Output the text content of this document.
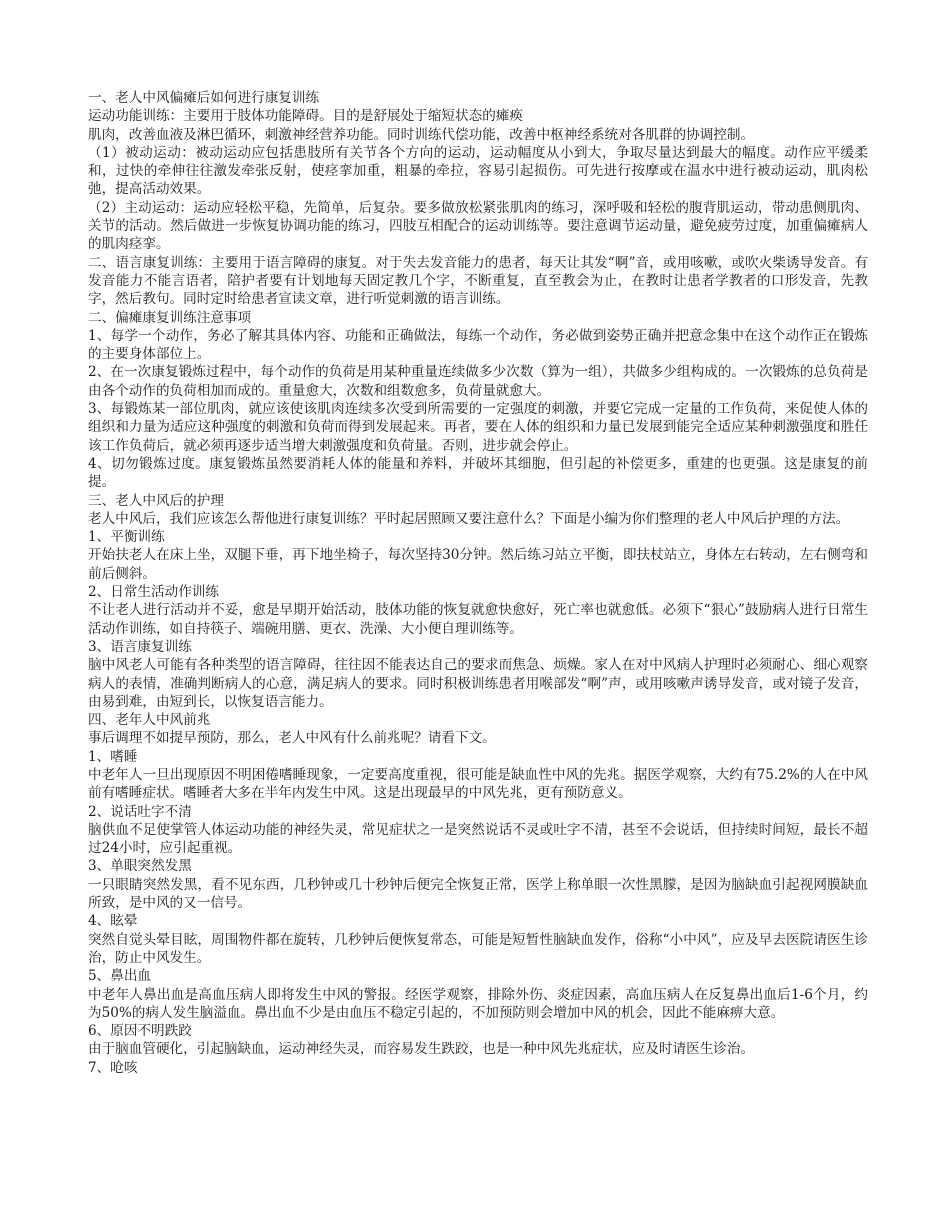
一、老人中风偏瘫后如何进行康复训练

运动功能训练：主要用于肢体功能障碍。目的是舒展处于缩短状态的瘫痪

肌肉，改善血液及淋巴循环，刺激神经营养功能。同时训练代偿功能，改善中枢神经系统对各肌群的协调控制。

（1）被动运动：被动运动应包括患肢所有关节各个方向的运动，运动幅度从小到大，争取尽量达到最大的幅度。动作应平缓柔和，过快的牵伸往往激发牵张反射，使痉挛加重，粗暴的牵拉，容易引起损伤。可先进行按摩或在温水中进行被动运动，肌肉松弛，提高活动效果。

（2）主动运动：运动应轻松平稳，先简单，后复杂。要多做放松紧张肌肉的练习，深呼吸和轻松的腹背肌运动，带动患侧肌肉、关节的活动。然后做进一步恢复协调功能的练习，四肢互相配合的运动训练等。要注意调节运动量，避免疲劳过度，加重偏瘫病人的肌肉痉挛。

二、语言康复训练：主要用于语言障碍的康复。对于失去发音能力的患者，每天让其发“啊”音，或用咳嗽，或吹火柴诱导发音。有发音能力不能言语者，陪护者要有计划地每天固定教几个字，不断重复，直至教会为止，在教时让患者学教者的口形发音，先教字，然后教句。同时定时给患者宣读文章，进行听觉刺激的语言训练。

二、偏瘫康复训练注意事项

1、每学一个动作，务必了解其具体内容、功能和正确做法，每练一个动作，务必做到姿势正确并把意念集中在这个动作正在锻炼的主要身体部位上。

2、在一次康复锻炼过程中，每个动作的负荷是用某种重量连续做多少次数（算为一组），共做多少组构成的。一次锻炼的总负荷是由各个动作的负荷相加而成的。重量愈大，次数和组数愈多，负荷量就愈大。

3、每锻炼某一部位肌肉，就应该使该肌肉连续多次受到所需要的一定强度的刺激，并要它完成一定量的工作负荷，来促使人体的组织和力量为适应这种强度的刺激和负荷而得到发展起来。再者，要在人体的组织和力量已发展到能完全适应某种刺激强度和胜任该工作负荷后，就必须再逐步适当增大刺激强度和负荷量。否则，进步就会停止。

4、切勿锻炼过度。康复锻炼虽然要消耗人体的能量和养料，并破坏其细胞，但引起的补偿更多，重建的也更强。这是康复的前提。

三、老人中风后的护理

老人中风后，我们应该怎么帮他进行康复训练？平时起居照顾又要注意什么？下面是小编为你们整理的老人中风后护理的方法。

1、平衡训练

开始扶老人在床上坐，双腿下垂，再下地坐椅子，每次坚持30分钟。然后练习站立平衡，即扶杖站立，身体左右转动，左右侧弯和前后侧斜。

2、日常生活动作训练

不让老人进行活动并不妥，愈是早期开始活动，肢体功能的恢复就愈快愈好，死亡率也就愈低。必须下“狠心”鼓励病人进行日常生活动作训练，如自持筷子、端碗用膳、更衣、洗澡、大小便自理训练等。

3、语言康复训练

脑中风老人可能有各种类型的语言障碍，往往因不能表达自己的要求而焦急、烦燥。家人在对中风病人护理时必须耐心、细心观察病人的表情，准确判断病人的心意，满足病人的要求。同时积极训练患者用喉部发“啊”声，或用咳嗽声诱导发音，或对镜子发音，由易到难，由短到长，以恢复语言能力。

四、老年人中风前兆

事后调理不如提早预防，那么，老人中风有什么前兆呢？请看下文。

1、嗜睡

中老年人一旦出现原因不明困倦嗜睡现象，一定要高度重视，很可能是缺血性中风的先兆。据医学观察，大约有75.2%的人在中风前有嗜睡症状。嗜睡者大多在半年内发生中风。这是出现最早的中风先兆，更有预防意义。

2、说话吐字不清

脑供血不足使掌管人体运动功能的神经失灵，常见症状之一是突然说话不灵或吐字不清，甚至不会说话，但持续时间短，最长不超过24小时，应引起重视。

3、单眼突然发黑

一只眼睛突然发黑，看不见东西，几秒钟或几十秒钟后便完全恢复正常，医学上称单眼一次性黑朦，是因为脑缺血引起视网膜缺血所致，是中风的又一信号。

4、眩晕

突然自觉头晕目眩，周围物件都在旋转，几秒钟后便恢复常态，可能是短暂性脑缺血发作，俗称“小中风”，应及早去医院请医生诊治，防止中风发生。

5、鼻出血

中老年人鼻出血是高血压病人即将发生中风的警报。经医学观察，排除外伤、炎症因素，高血压病人在反复鼻出血后1-6个月，约为50%的病人发生脑溢血。鼻出血不少是由血压不稳定引起的，不加预防则会增加中风的机会，因此不能麻痹大意。

6、原因不明跌跤

由于脑血管硬化，引起脑缺血，运动神经失灵，而容易发生跌跤，也是一种中风先兆症状，应及时请医生诊治。

7、呛咳
